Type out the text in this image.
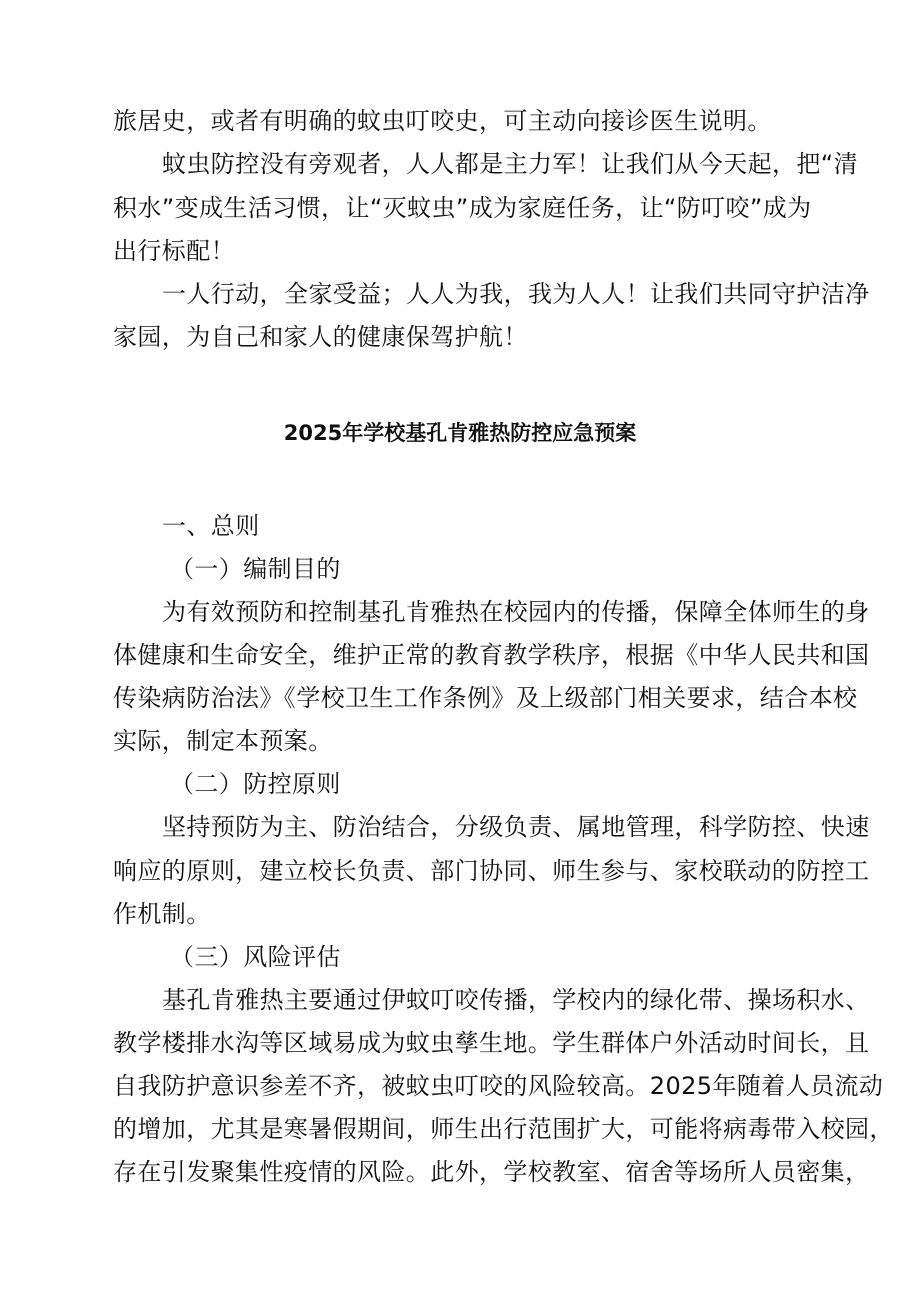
旅居史，或者有明确的蚊虫叮咬史，可主动向接诊医生说明。
蚊虫防控没有旁观者，人人都是主力军！让我们从今天起，把“清
积水”变成生活习惯，让“灭蚊虫”成为家庭任务，让“防叮咬”成为
出行标配！
一人行动，全家受益；人人为我，我为人人！让我们共同守护洁净
家园，为自己和家人的健康保驾护航！
2025年学校基孔肯雅热防控应急预案
一、总则
（一）编制目的
为有效预防和控制基孔肯雅热在校园内的传播，保障全体师生的身
体健康和生命安全，维护正常的教育教学秩序，根据《中华人民共和国
传染病防治法》《学校卫生工作条例》及上级部门相关要求，结合本校
实际，制定本预案。
（二）防控原则
坚持预防为主、防治结合，分级负责、属地管理，科学防控、快速
响应的原则，建立校长负责、部门协同、师生参与、家校联动的防控工
作机制。
（三）风险评估
基孔肯雅热主要通过伊蚊叮咬传播，学校内的绿化带、操场积水、
教学楼排水沟等区域易成为蚊虫孳生地。学生群体户外活动时间长，且
自我防护意识参差不齐，被蚊虫叮咬的风险较高。2025年随着人员流动
的增加，尤其是寒暑假期间，师生出行范围扩大，可能将病毒带入校园，
存在引发聚集性疫情的风险。此外，学校教室、宿舍等场所人员密集，
